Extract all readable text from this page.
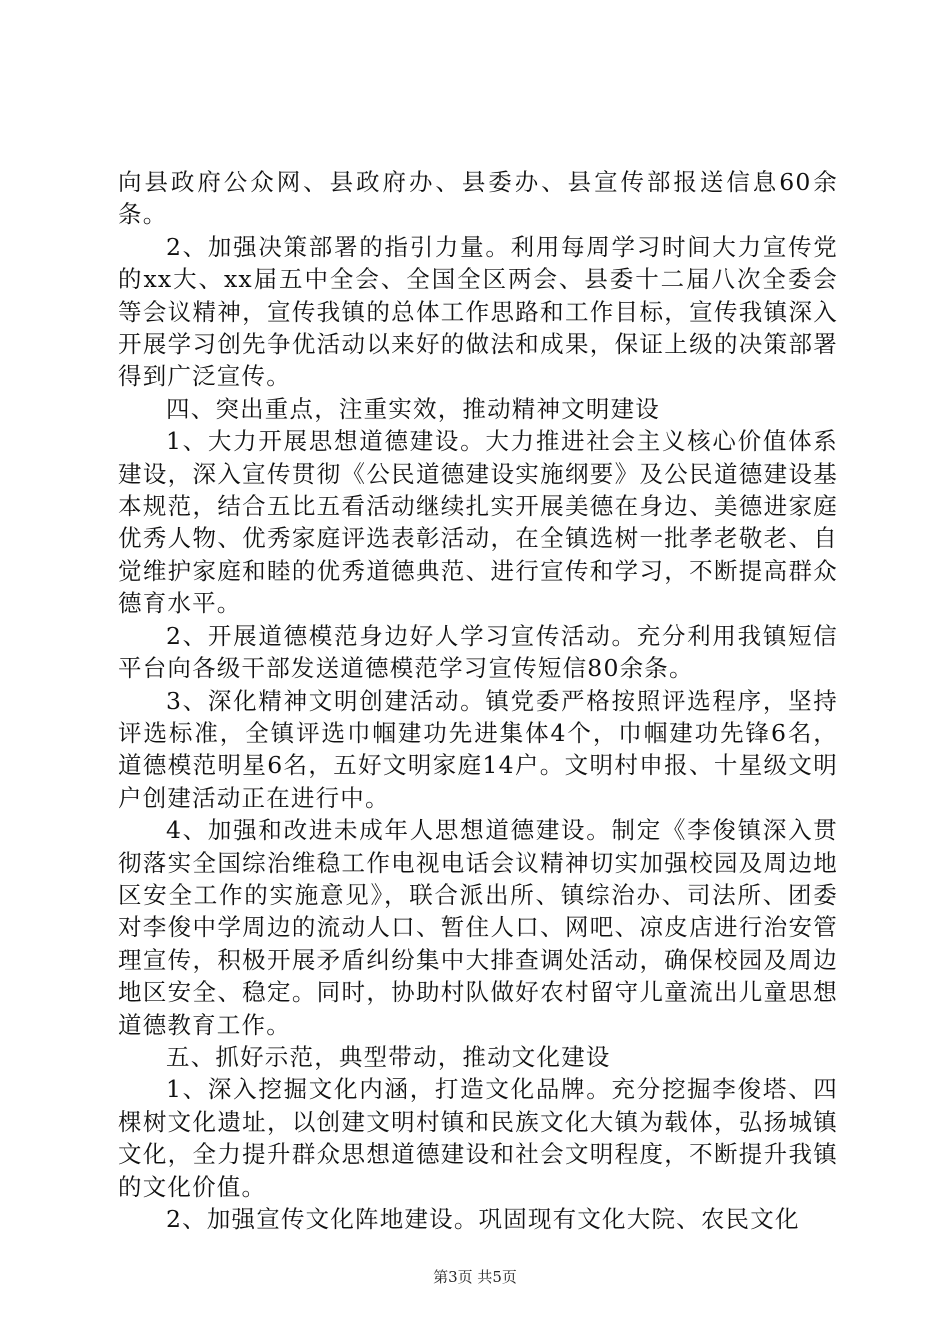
向县政府公众网、县政府办、县委办、县宣传部报送信息60余条。

2、加强决策部署的指引力量。利用每周学习时间大力宣传党的xx大、xx届五中全会、全国全区两会、县委十二届八次全委会等会议精神，宣传我镇的总体工作思路和工作目标，宣传我镇深入开展学习创先争优活动以来好的做法和成果，保证上级的决策部署得到广泛宣传。

四、突出重点，注重实效，推动精神文明建设

1、大力开展思想道德建设。大力推进社会主义核心价值体系建设，深入宣传贯彻《公民道德建设实施纲要》及公民道德建设基本规范，结合五比五看活动继续扎实开展美德在身边、美德进家庭优秀人物、优秀家庭评选表彰活动，在全镇选树一批孝老敬老、自觉维护家庭和睦的优秀道德典范、进行宣传和学习，不断提高群众德育水平。

2、开展道德模范身边好人学习宣传活动。充分利用我镇短信平台向各级干部发送道德模范学习宣传短信80余条。

3、深化精神文明创建活动。镇党委严格按照评选程序，坚持评选标准，全镇评选巾帼建功先进集体4个，巾帼建功先锋6名，道德模范明星6名，五好文明家庭14户。文明村申报、十星级文明户创建活动正在进行中。

4、加强和改进未成年人思想道德建设。制定《李俊镇深入贯彻落实全国综治维稳工作电视电话会议精神切实加强校园及周边地区安全工作的实施意见》，联合派出所、镇综治办、司法所、团委对李俊中学周边的流动人口、暂住人口、网吧、凉皮店进行治安管理宣传，积极开展矛盾纠纷集中大排查调处活动，确保校园及周边地区安全、稳定。同时，协助村队做好农村留守儿童流出儿童思想道德教育工作。

五、抓好示范，典型带动，推动文化建设

1、深入挖掘文化内涵，打造文化品牌。充分挖掘李俊塔、四棵树文化遗址，以创建文明村镇和民族文化大镇为载体，弘扬城镇文化，全力提升群众思想道德建设和社会文明程度，不断提升我镇的文化价值。

2、加强宣传文化阵地建设。巩固现有文化大院、农民文化

第3页 共5页
